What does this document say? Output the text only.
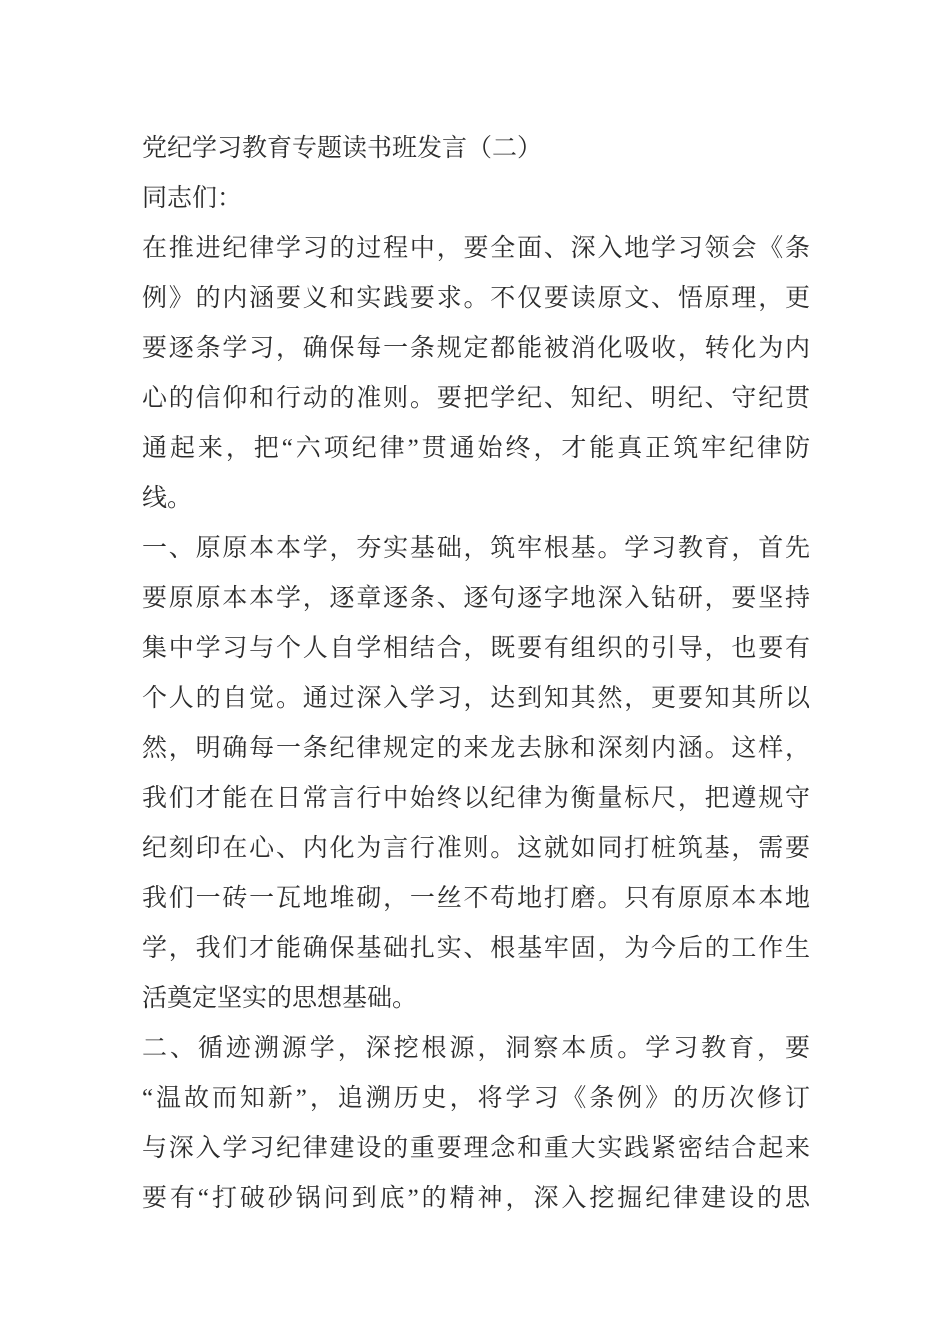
党纪学习教育专题读书班发言（二）
同志们：
在推进纪律学习的过程中，要全面、深入地学习领会《条
例》的内涵要义和实践要求。不仅要读原文、悟原理，更
要逐条学习，确保每一条规定都能被消化吸收，转化为内
心的信仰和行动的准则。要把学纪、知纪、明纪、守纪贯
通起来，把“六项纪律”贯通始终，才能真正筑牢纪律防
线。
一、原原本本学，夯实基础，筑牢根基。学习教育，首先
要原原本本学，逐章逐条、逐句逐字地深入钻研，要坚持
集中学习与个人自学相结合，既要有组织的引导，也要有
个人的自觉。通过深入学习，达到知其然，更要知其所以
然，明确每一条纪律规定的来龙去脉和深刻内涵。这样，
我们才能在日常言行中始终以纪律为衡量标尺，把遵规守
纪刻印在心、内化为言行准则。这就如同打桩筑基，需要
我们一砖一瓦地堆砌，一丝不苟地打磨。只有原原本本地
学，我们才能确保基础扎实、根基牢固，为今后的工作生
活奠定坚实的思想基础。
二、循迹溯源学，深挖根源，洞察本质。学习教育，要
“温故而知新”，追溯历史，将学习《条例》的历次修订
与深入学习纪律建设的重要理念和重大实践紧密结合起来
要有“打破砂锅问到底”的精神，深入挖掘纪律建设的思
